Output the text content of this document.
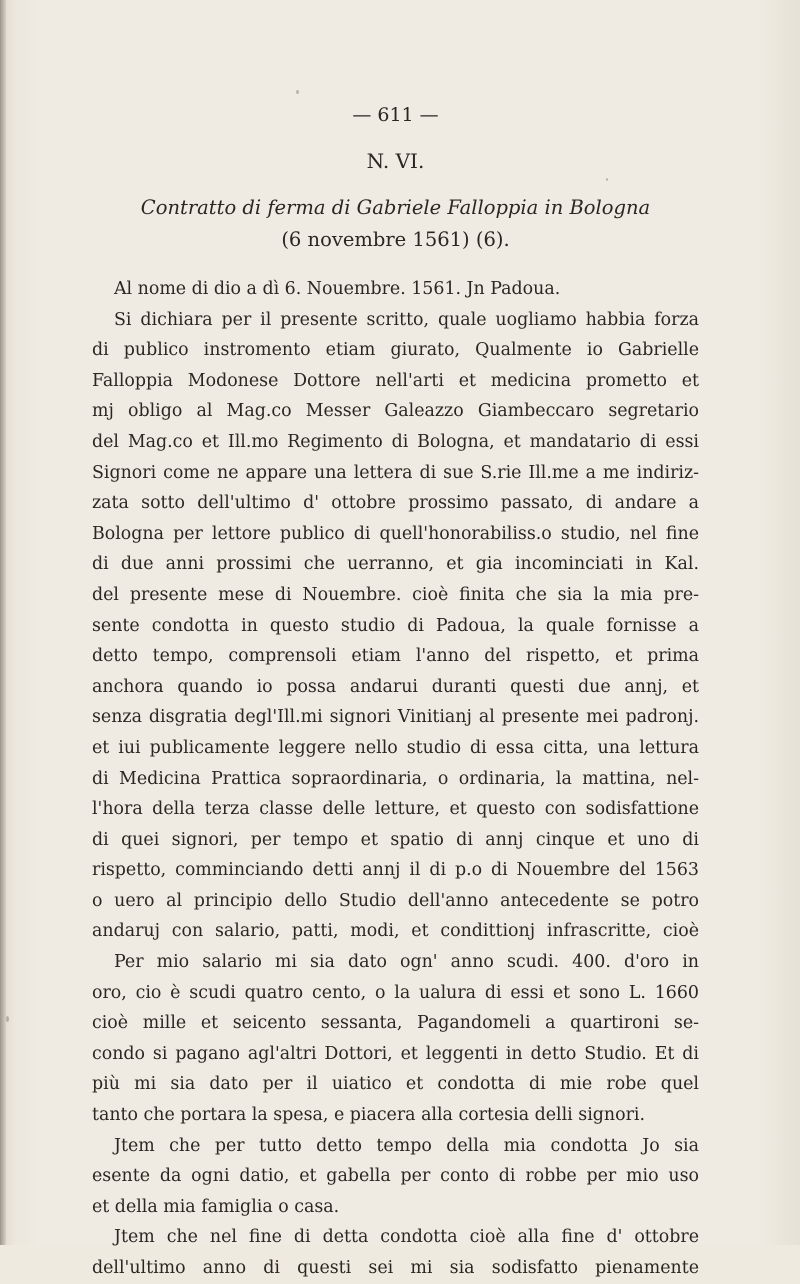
— 611 —
N. VI.
Contratto di ferma di Gabriele Falloppia in Bologna
(6 novembre 1561) (6).
Al nome di dio a dì 6. Nouembre. 1561. Jn Padoua.
Si dichiara per il presente scritto, quale uogliamo habbia forza
di publico instromento etiam giurato, Qualmente io Gabrielle
Falloppia Modonese Dottore nell'arti et medicina prometto et
mj obligo al Mag.co Messer Galeazzo Giambeccaro segretario
del Mag.co et Ill.mo Regimento di Bologna, et mandatario di essi
Signori come ne appare una lettera di sue S.rie Ill.me a me indiriz-
zata sotto dell'ultimo d' ottobre prossimo passato, di andare a
Bologna per lettore publico di quell'honorabiliss.o studio, nel fine
di due anni prossimi che uerranno, et gia incominciati in Kal.
del presente mese di Nouembre. cioè finita che sia la mia pre-
sente condotta in questo studio di Padoua, la quale fornisse a
detto tempo, comprensoli etiam l'anno del rispetto, et prima
anchora quando io possa andarui duranti questi due annj, et
senza disgratia degl'Ill.mi signori Vinitianj al presente mei padronj.
et iui publicamente leggere nello studio di essa citta, una lettura
di Medicina Prattica sopraordinaria, o ordinaria, la mattina, nel-
l'hora della terza classe delle letture, et questo con sodisfattione
di quei signori, per tempo et spatio di annj cinque et uno di
rispetto, comminciando detti annj il di p.o di Nouembre del 1563
o uero al principio dello Studio dell'anno antecedente se potro
andaruj con salario, patti, modi, et condittionj infrascritte, cioè
Per mio salario mi sia dato ogn' anno scudi. 400. d'oro in
oro, cio è scudi quatro cento, o la ualura di essi et sono L. 1660
cioè mille et seicento sessanta, Pagandomeli a quartironi se-
condo si pagano agl'altri Dottori, et leggenti in detto Studio. Et di
più mi sia dato per il uiatico et condotta di mie robe quel
tanto che portara la spesa, e piacera alla cortesia delli signori.
Jtem che per tutto detto tempo della mia condotta Jo sia
esente da ogni datio, et gabella per conto di robbe per mio uso
et della mia famiglia o casa.
Jtem che nel fine di detta condotta cioè alla fine d' ottobre
dell'ultimo anno di questi sei mi sia sodisfatto pienamente
